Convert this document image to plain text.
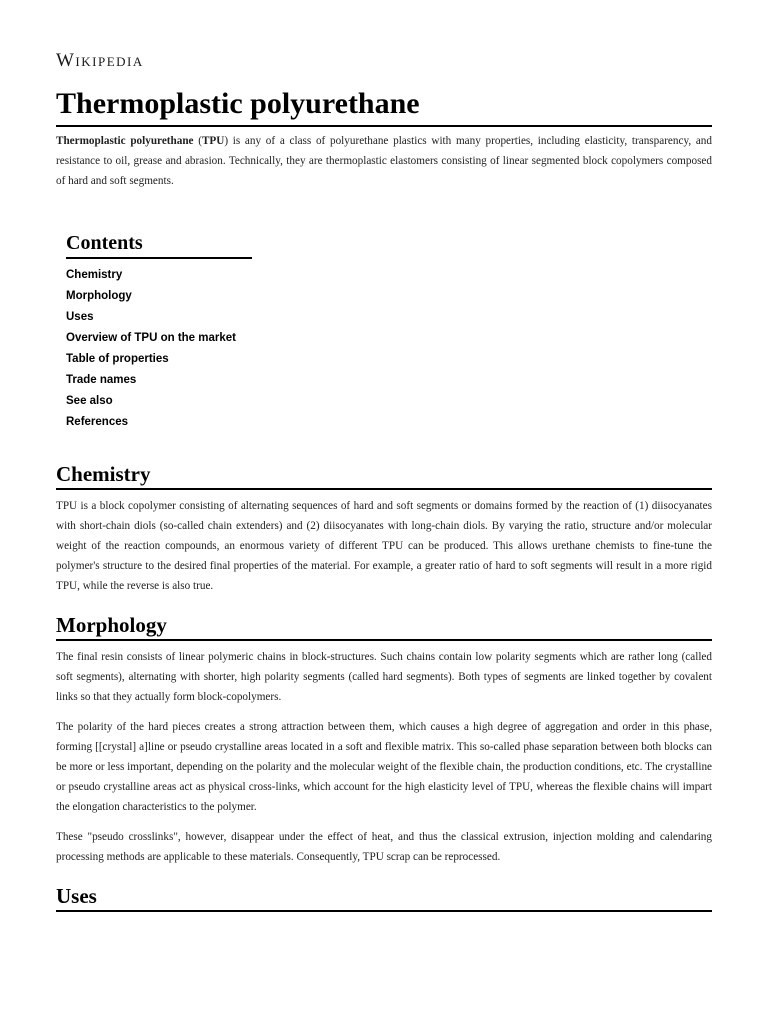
Wikipedia
Thermoplastic polyurethane

Thermoplastic polyurethane (TPU) is any of a class of polyurethane plastics with many properties, including elasticity, transparency, and resistance to oil, grease and abrasion. Technically, they are thermoplastic elastomers consisting of linear segmented block copolymers composed of hard and soft segments.

Contents
Chemistry
Morphology
Uses
Overview of TPU on the market
Table of properties
Trade names
See also
References
Chemistry

TPU is a block copolymer consisting of alternating sequences of hard and soft segments or domains formed by the reaction of (1) diisocyanates with short-chain diols (so-called chain extenders) and (2) diisocyanates with long-chain diols. By varying the ratio, structure and/or molecular weight of the reaction compounds, an enormous variety of different TPU can be produced. This allows urethane chemists to fine-tune the polymer's structure to the desired final properties of the material. For example, a greater ratio of hard to soft segments will result in a more rigid TPU, while the reverse is also true.

Morphology

The final resin consists of linear polymeric chains in block-structures. Such chains contain low polarity segments which are rather long (called soft segments), alternating with shorter, high polarity segments (called hard segments). Both types of segments are linked together by covalent links so that they actually form block-copolymers.

The polarity of the hard pieces creates a strong attraction between them, which causes a high degree of aggregation and order in this phase, forming [[crystal] a]line or pseudo crystalline areas located in a soft and flexible matrix. This so-called phase separation between both blocks can be more or less important, depending on the polarity and the molecular weight of the flexible chain, the production conditions, etc. The crystalline or pseudo crystalline areas act as physical cross-links, which account for the high elasticity level of TPU, whereas the flexible chains will impart the elongation characteristics to the polymer.

These "pseudo crosslinks", however, disappear under the effect of heat, and thus the classical extrusion, injection molding and calendaring processing methods are applicable to these materials. Consequently, TPU scrap can be reprocessed.

Uses
